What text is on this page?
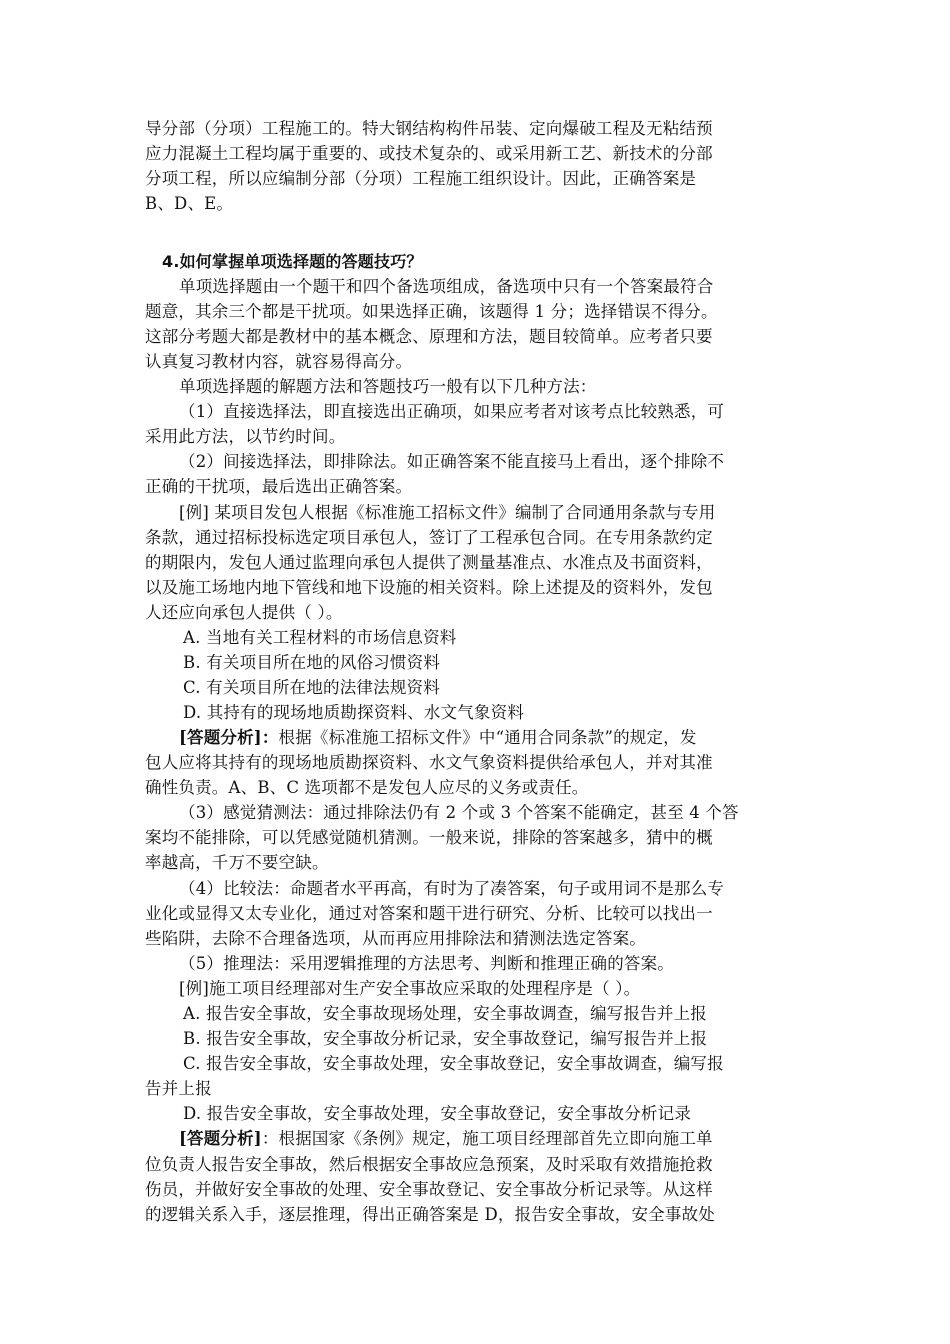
导分部（分项）工程施工的。特大钢结构构件吊装、定向爆破工程及无粘结预
应力混凝土工程均属于重要的、或技术复杂的、或采用新工艺、新技术的分部
分项工程，所以应编制分部（分项）工程施工组织设计。因此，正确答案是
B、D、E。
4.如何掌握单项选择题的答题技巧？
单项选择题由一个题干和四个备选项组成，备选项中只有一个答案最符合
题意，其余三个都是干扰项。如果选择正确，该题得 1 分；选择错误不得分。
这部分考题大都是教材中的基本概念、原理和方法，题目较简单。应考者只要
认真复习教材内容，就容易得高分。
单项选择题的解题方法和答题技巧一般有以下几种方法：
（1）直接选择法，即直接选出正确项，如果应考者对该考点比较熟悉，可
采用此方法，以节约时间。
（2）间接选择法，即排除法。如正确答案不能直接马上看出，逐个排除不
正确的干扰项，最后选出正确答案。
[例] 某项目发包人根据《标准施工招标文件》编制了合同通用条款与专用
条款，通过招标投标选定项目承包人，签订了工程承包合同。在专用条款约定
的期限内，发包人通过监理向承包人提供了测量基准点、水准点及书面资料，
以及施工场地内地下管线和地下设施的相关资料。除上述提及的资料外，发包
人还应向承包人提供（ ）。
A. 当地有关工程材料的市场信息资料
B. 有关项目所在地的风俗习惯资料
C. 有关项目所在地的法律法规资料
D. 其持有的现场地质勘探资料、水文气象资料
[答题分析]：根据《标准施工招标文件》中“通用合同条款”的规定，发
包人应将其持有的现场地质勘探资料、水文气象资料提供给承包人，并对其准
确性负责。A、B、C 选项都不是发包人应尽的义务或责任。
（3）感觉猜测法：通过排除法仍有 2 个或 3 个答案不能确定，甚至 4 个答
案均不能排除，可以凭感觉随机猜测。一般来说，排除的答案越多，猜中的概
率越高，千万不要空缺。
（4）比较法：命题者水平再高，有时为了凑答案，句子或用词不是那么专
业化或显得又太专业化，通过对答案和题干进行研究、分析、比较可以找出一
些陷阱，去除不合理备选项，从而再应用排除法和猜测法选定答案。
（5）推理法：采用逻辑推理的方法思考、判断和推理正确的答案。
[例]施工项目经理部对生产安全事故应采取的处理程序是（ ）。
A. 报告安全事故，安全事故现场处理，安全事故调查，编写报告并上报
B. 报告安全事故，安全事故分析记录，安全事故登记，编写报告并上报
C. 报告安全事故，安全事故处理，安全事故登记，安全事故调查，编写报
告并上报
D. 报告安全事故，安全事故处理，安全事故登记，安全事故分析记录
[答题分析]：根据国家《条例》规定，施工项目经理部首先立即向施工单
位负责人报告安全事故，然后根据安全事故应急预案，及时采取有效措施抢救
伤员，并做好安全事故的处理、安全事故登记、安全事故分析记录等。从这样
的逻辑关系入手，逐层推理，得出正确答案是 D，报告安全事故，安全事故处
